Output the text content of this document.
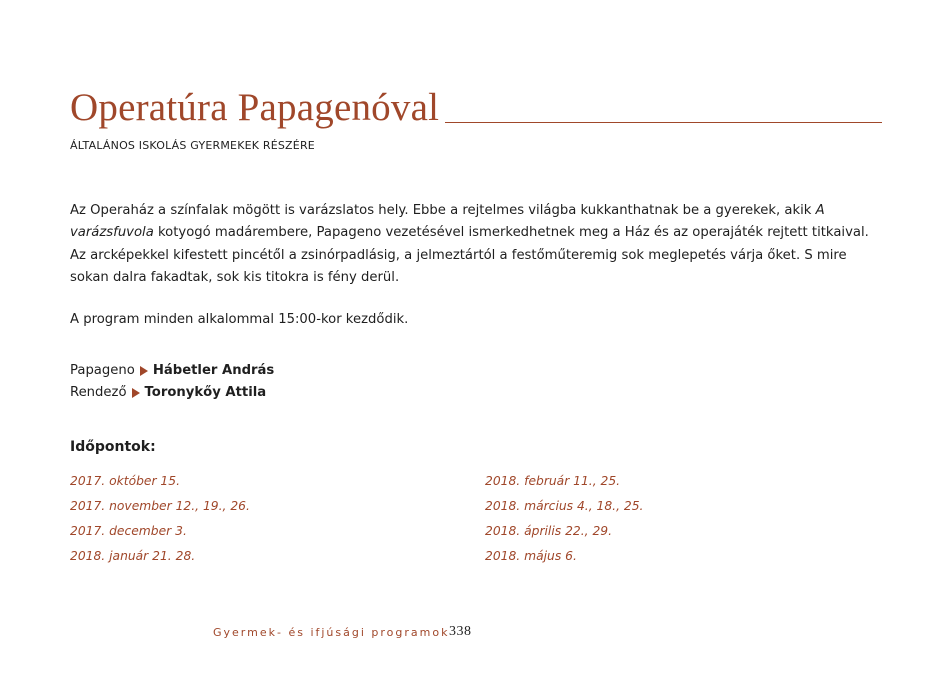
Operatúra Papagenóval
ÁLTALÁNOS ISKOLÁS GYERMEKEK RÉSZÉRE
Az Operaház a színfalak mögött is varázslatos hely. Ebbe a rejtelmes világba kukkanthatnak be a gyerekek, akik A varázsfuvola kotyogó madárembere, Papageno vezetésével ismerkedhetnek meg a Ház és az operajáték rejtett titkaival. Az arcképekkel kifestett pincétől a zsinórpadlásig, a jelmeztártól a festőműteremig sok meglepetés várja őket. S mire sokan dalra fakadtak, sok kis titokra is fény derül.
A program minden alkalommal 15:00-kor kezdődik.
Papageno Hábetler András
Rendező Toronykőy Attila
Időpontok:
2017. október 15.
2017. november 12., 19., 26.
2017. december 3.
2018. január 21. 28.
2018. február 11., 25.
2018. március 4., 18., 25.
2018. április 22., 29.
2018. május 6.
Gyermek- és ifjúsági programok 338
